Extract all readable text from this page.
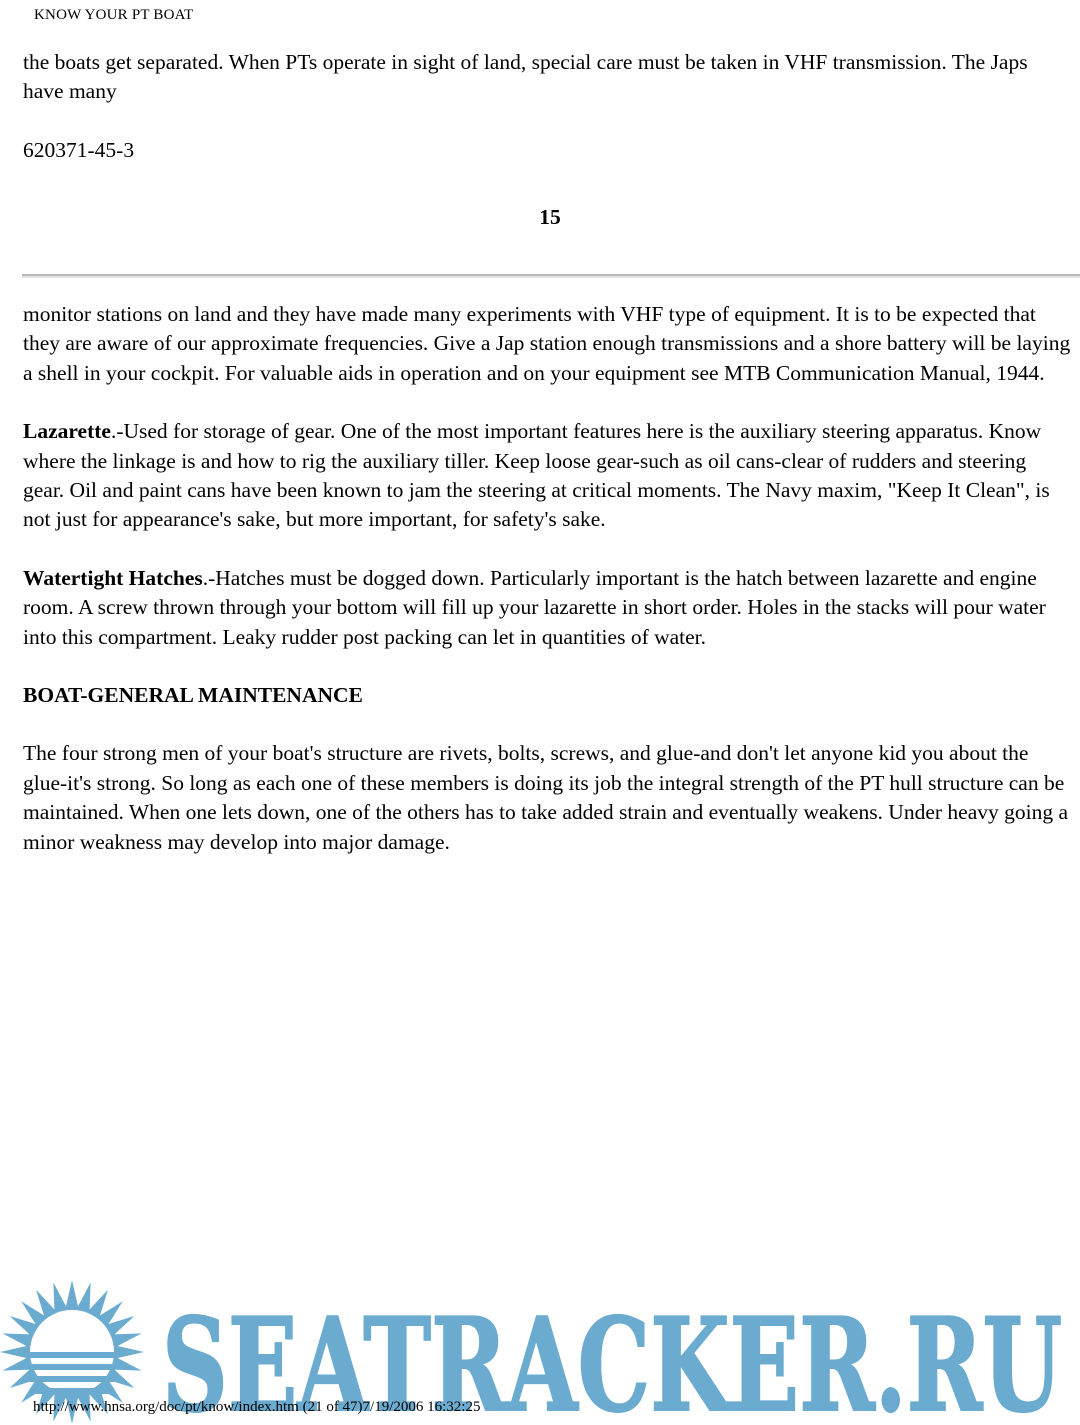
KNOW YOUR PT BOAT

the boats get separated. When PTs operate in sight of land, special care must be taken in VHF transmission. The Japs have many

620371-45-3

15

monitor stations on land and they have made many experiments with VHF type of equipment. It is to be expected that they are aware of our approximate frequencies. Give a Jap station enough transmissions and a shore battery will be laying a shell in your cockpit. For valuable aids in operation and on your equipment see MTB Communication Manual, 1944.

Lazarette.-Used for storage of gear. One of the most important features here is the auxiliary steering apparatus. Know where the linkage is and how to rig the auxiliary tiller. Keep loose gear-such as oil cans-clear of rudders and steering gear. Oil and paint cans have been known to jam the steering at critical moments. The Navy maxim, "Keep It Clean", is not just for appearance's sake, but more important, for safety's sake.

Watertight Hatches.-Hatches must be dogged down. Particularly important is the hatch between lazarette and engine room. A screw thrown through your bottom will fill up your lazarette in short order. Holes in the stacks will pour water into this compartment. Leaky rudder post packing can let in quantities of water.

BOAT-GENERAL MAINTENANCE

The four strong men of your boat's structure are rivets, bolts, screws, and glue-and don't let anyone kid you about the glue-it's strong. So long as each one of these members is doing its job the integral strength of the PT hull structure can be maintained. When one lets down, one of the others has to take added strain and eventually weakens. Under heavy going a minor weakness may develop into major damage.

SEATRACKER.RU
http://www.hnsa.org/doc/pt/know/index.htm (21 of 47)7/19/2006 16:32:25
